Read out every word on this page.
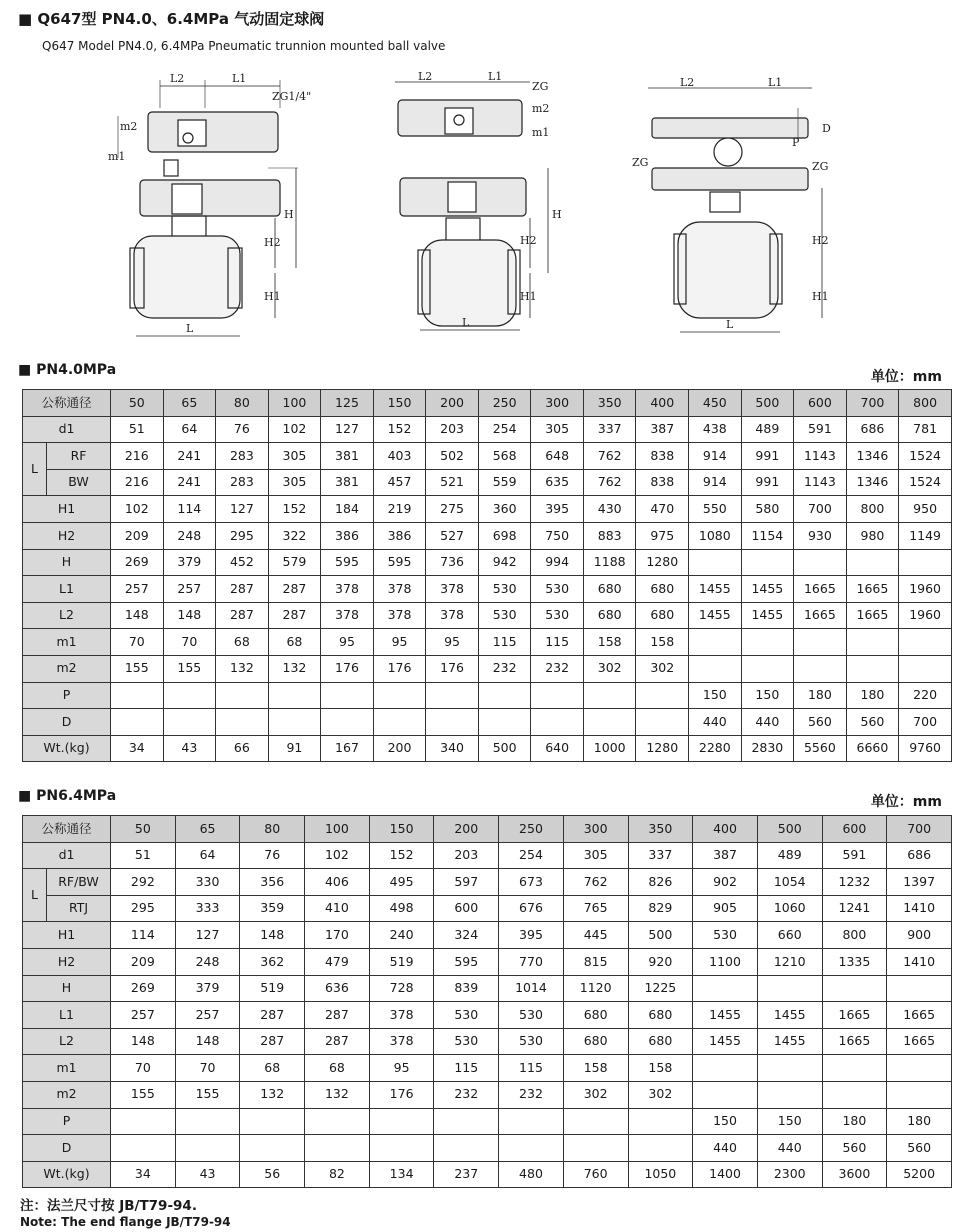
■ Q647型 PN4.0、6.4MPa 气动固定球阀
Q647 Model PN4.0, 6.4MPa Pneumatic trunnion mounted ball valve
L2	L1
ZG1/4"
m2
m1
H
H2
H1
L
L2	L1
ZG
m2
m1
H
H2
H1
L
L2	L1
D
P
ZG	ZG
H2
H1
L
■ PN4.0MPa	单位：mm
公称通径		50	65	80	100	125	150	200	250	300	350	400	450	500	600	700	800
d1		51	64	76	102	127	152	203	254	305	337	387	438	489	591	686	781
L	RF	216	241	283	305	381	403	502	568	648	762	838	914	991	1143	1346	1524
	BW	216	241	283	305	381	457	521	559	635	762	838	914	991	1143	1346	1524
H1		102	114	127	152	184	219	275	360	395	430	470	550	580	700	800	950
H2		209	248	295	322	386	386	527	698	750	883	975	1080	1154	930	980	1149
H		269	379	452	579	595	595	736	942	994	1188	1280					
L1		257	257	287	287	378	378	378	530	530	680	680	1455	1455	1665	1665	1960
L2		148	148	287	287	378	378	378	530	530	680	680	1455	1455	1665	1665	1960
m1		70	70	68	68	95	95	95	115	115	158	158					
m2		155	155	132	132	176	176	176	232	232	302	302					
P													150	150	180	180	220
D													440	440	560	560	700
Wt.(kg)		34	43	66	91	167	200	340	500	640	1000	1280	2280	2830	5560	6660	9760
■ PN6.4MPa	单位：mm
公称通径		50	65	80	100	150	200	250	300	350	400	500	600	700
d1		51	64	76	102	152	203	254	305	337	387	489	591	686
L	RF/BW	292	330	356	406	495	597	673	762	826	902	1054	1232	1397
	RTJ	295	333	359	410	498	600	676	765	829	905	1060	1241	1410
H1		114	127	148	170	240	324	395	445	500	530	660	800	900
H2		209	248	362	479	519	595	770	815	920	1100	1210	1335	1410
H		269	379	519	636	728	839	1014	1120	1225				
L1		257	257	287	287	378	530	530	680	680	1455	1455	1665	1665
L2		148	148	287	287	378	530	530	680	680	1455	1455	1665	1665
m1		70	70	68	68	95	115	115	158	158				
m2		155	155	132	132	176	232	232	302	302				
P											150	150	180	180
D											440	440	560	560
Wt.(kg)		34	43	56	82	134	237	480	760	1050	1400	2300	3600	5200
注：法兰尺寸按 JB/T79-94.
Note: The end flange JB/T79-94
